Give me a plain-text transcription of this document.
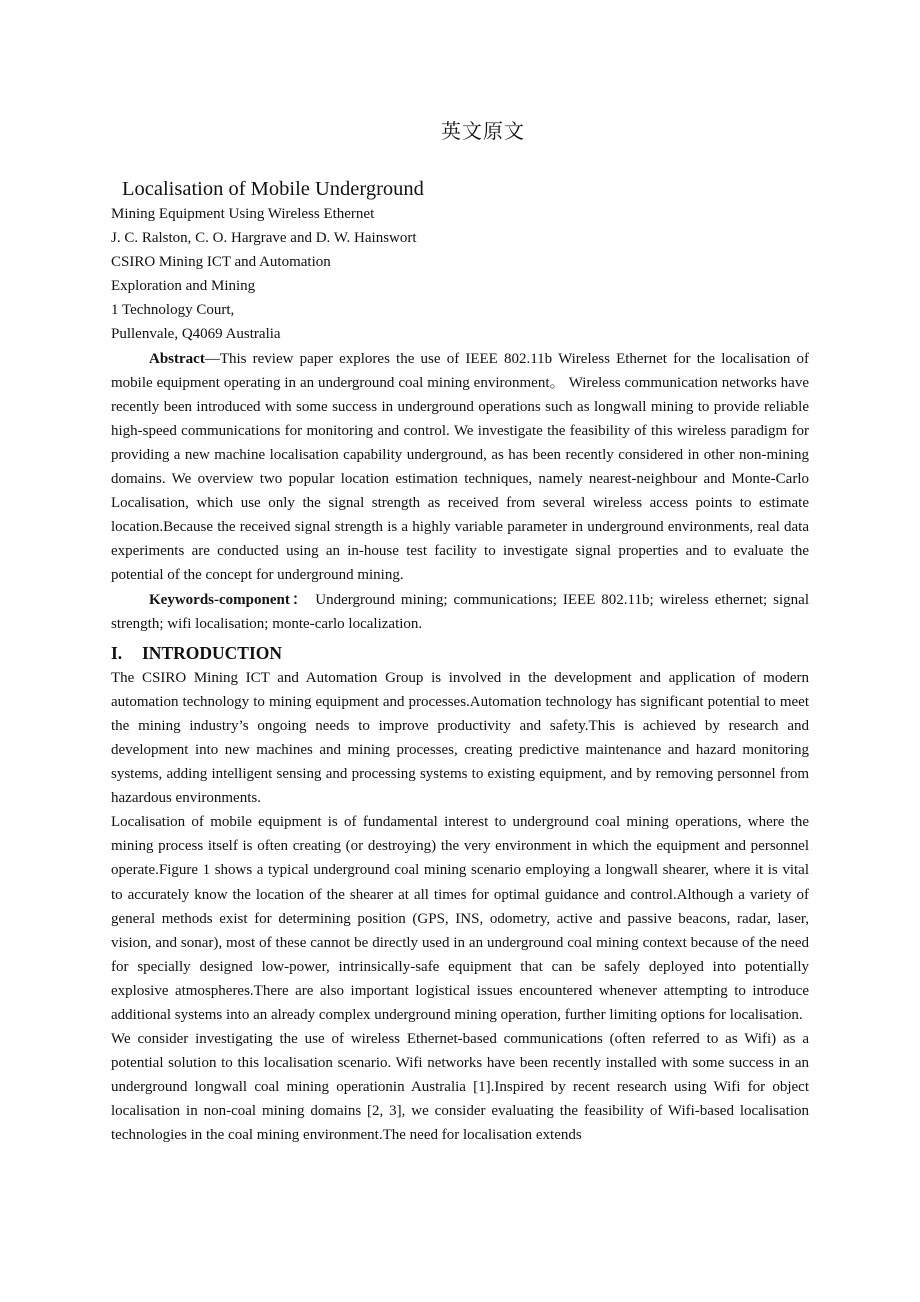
英文原文
Localisation of Mobile Underground
Mining Equipment Using Wireless Ethernet
J. C. Ralston, C. O. Hargrave and D. W. Hainswort
CSIRO Mining ICT and Automation
Exploration and Mining
1 Technology Court,
Pullenvale, Q4069 Australia

Abstract—This review paper explores the use of IEEE 802.11b Wireless Ethernet for the localisation of mobile equipment operating in an underground coal mining environment。 Wireless communication networks have recently been introduced with some success in underground operations such as longwall mining to provide reliable high-speed communications for monitoring and control. We investigate the feasibility of this wireless paradigm for providing a new machine localisation capability underground, as has been recently considered in other non-mining domains. We overview two popular location estimation techniques, namely nearest-neighbour and Monte-Carlo Localisation, which use only the signal strength as received from several wireless access points to estimate location.Because the received signal strength is a highly variable parameter in underground environments, real data experiments are conducted using an in-house test facility to investigate signal properties and to evaluate the potential of the concept for underground mining.

Keywords-component： Underground mining; communications; IEEE 802.11b; wireless ethernet; signal strength; wifi localisation; monte-carlo localization.

I. INTRODUCTION

The CSIRO Mining ICT and Automation Group is involved in the development and application of modern automation technology to mining equipment and processes.Automation technology has significant potential to meet the mining industry’s ongoing needs to improve productivity and safety.This is achieved by research and development into new machines and mining processes, creating predictive maintenance and hazard monitoring systems, adding intelligent sensing and processing systems to existing equipment, and by removing personnel from hazardous environments.

Localisation of mobile equipment is of fundamental interest to underground coal mining operations, where the mining process itself is often creating (or destroying) the very environment in which the equipment and personnel operate.Figure 1 shows a typical underground coal mining scenario employing a longwall shearer, where it is vital to accurately know the location of the shearer at all times for optimal guidance and control.Although a variety of general methods exist for determining position (GPS, INS, odometry, active and passive beacons, radar, laser, vision, and sonar), most of these cannot be directly used in an underground coal mining context because of the need for specially designed low-power, intrinsically-safe equipment that can be safely deployed into potentially explosive atmospheres.There are also important logistical issues encountered whenever attempting to introduce additional systems into an already complex underground mining operation, further limiting options for localisation.

We consider investigating the use of wireless Ethernet-based communications (often referred to as Wifi) as a potential solution to this localisation scenario. Wifi networks have been recently installed with some success in an underground longwall coal mining operationin Australia [1].Inspired by recent research using Wifi for object localisation in non-coal mining domains [2, 3], we consider evaluating the feasibility of Wifi-based localisation technologies in the coal mining environment.The need for localisation extends
